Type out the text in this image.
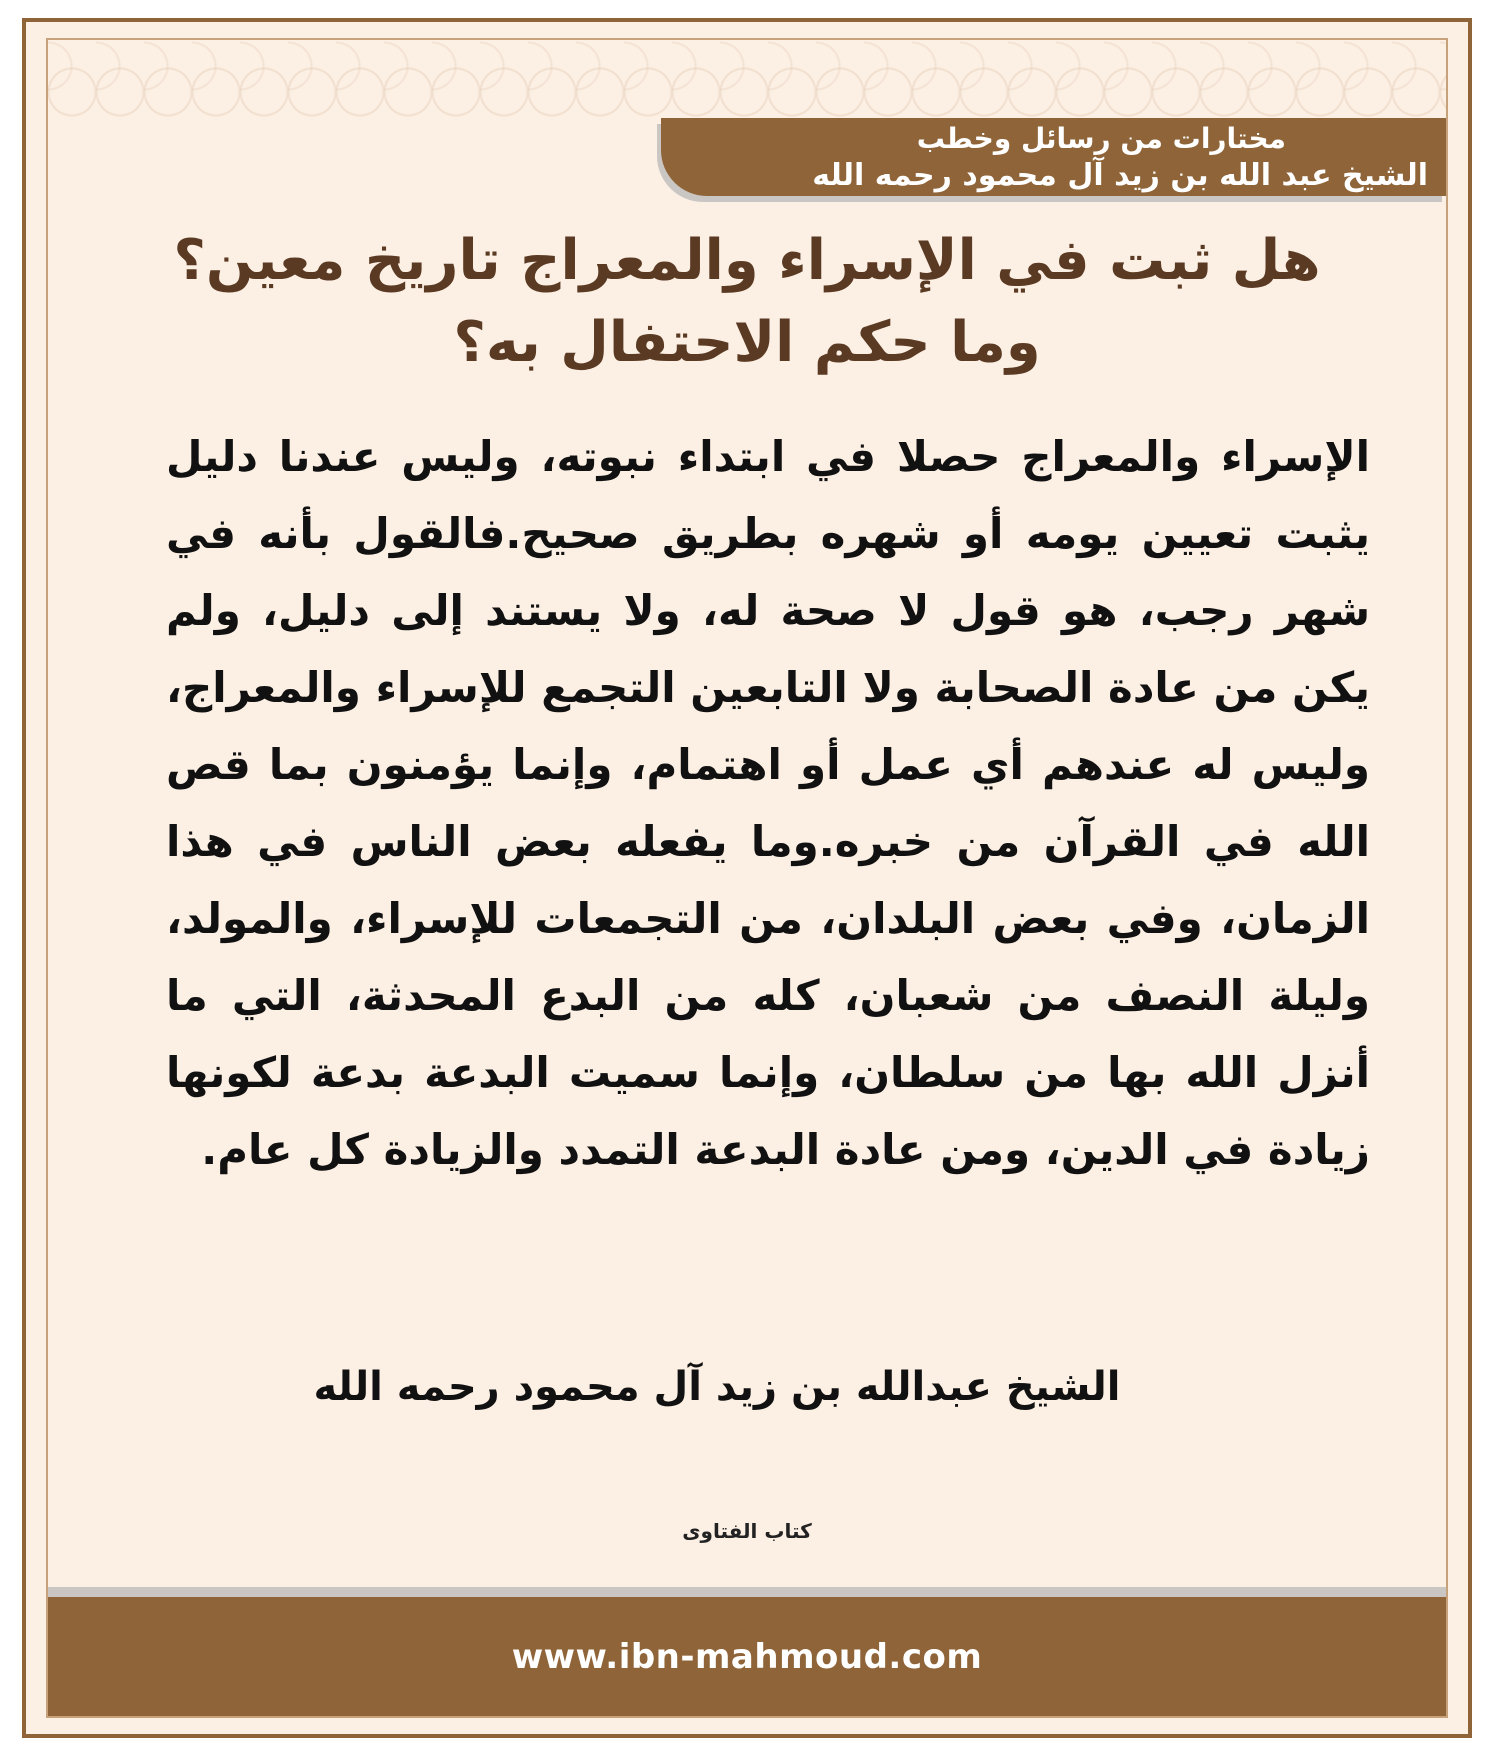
مختارات من رسائل وخطب
الشيخ عبد الله بن زيد آل محمود رحمه الله
هل ثبت في الإسراء والمعراج تاريخ معين؟ وما حكم الاحتفال به؟

الإسراء والمعراج حصلا في ابتداء نبوته، وليس عندنا دليل يثبت تعيين يومه أو شهره بطريق صحيح.فالقول بأنه في شهر رجب، هو قول لا صحة له، ولا يستند إلى دليل، ولم يكن من عادة الصحابة ولا التابعين التجمع للإسراء والمعراج، وليس له عندهم أي عمل أو اهتمام، وإنما يؤمنون بما قص الله في القرآن من خبره.وما يفعله بعض الناس في هذا الزمان، وفي بعض البلدان، من التجمعات للإسراء، والمولد، وليلة النصف من شعبان، كله من البدع المحدثة، التي ما أنزل الله بها من سلطان، وإنما سميت البدعة بدعة لكونها زيادة في الدين، ومن عادة البدعة التمدد والزيادة كل عام.

الشيخ عبدالله بن زيد آل محمود رحمه الله
كتاب الفتاوى
www.ibn-mahmoud.com
